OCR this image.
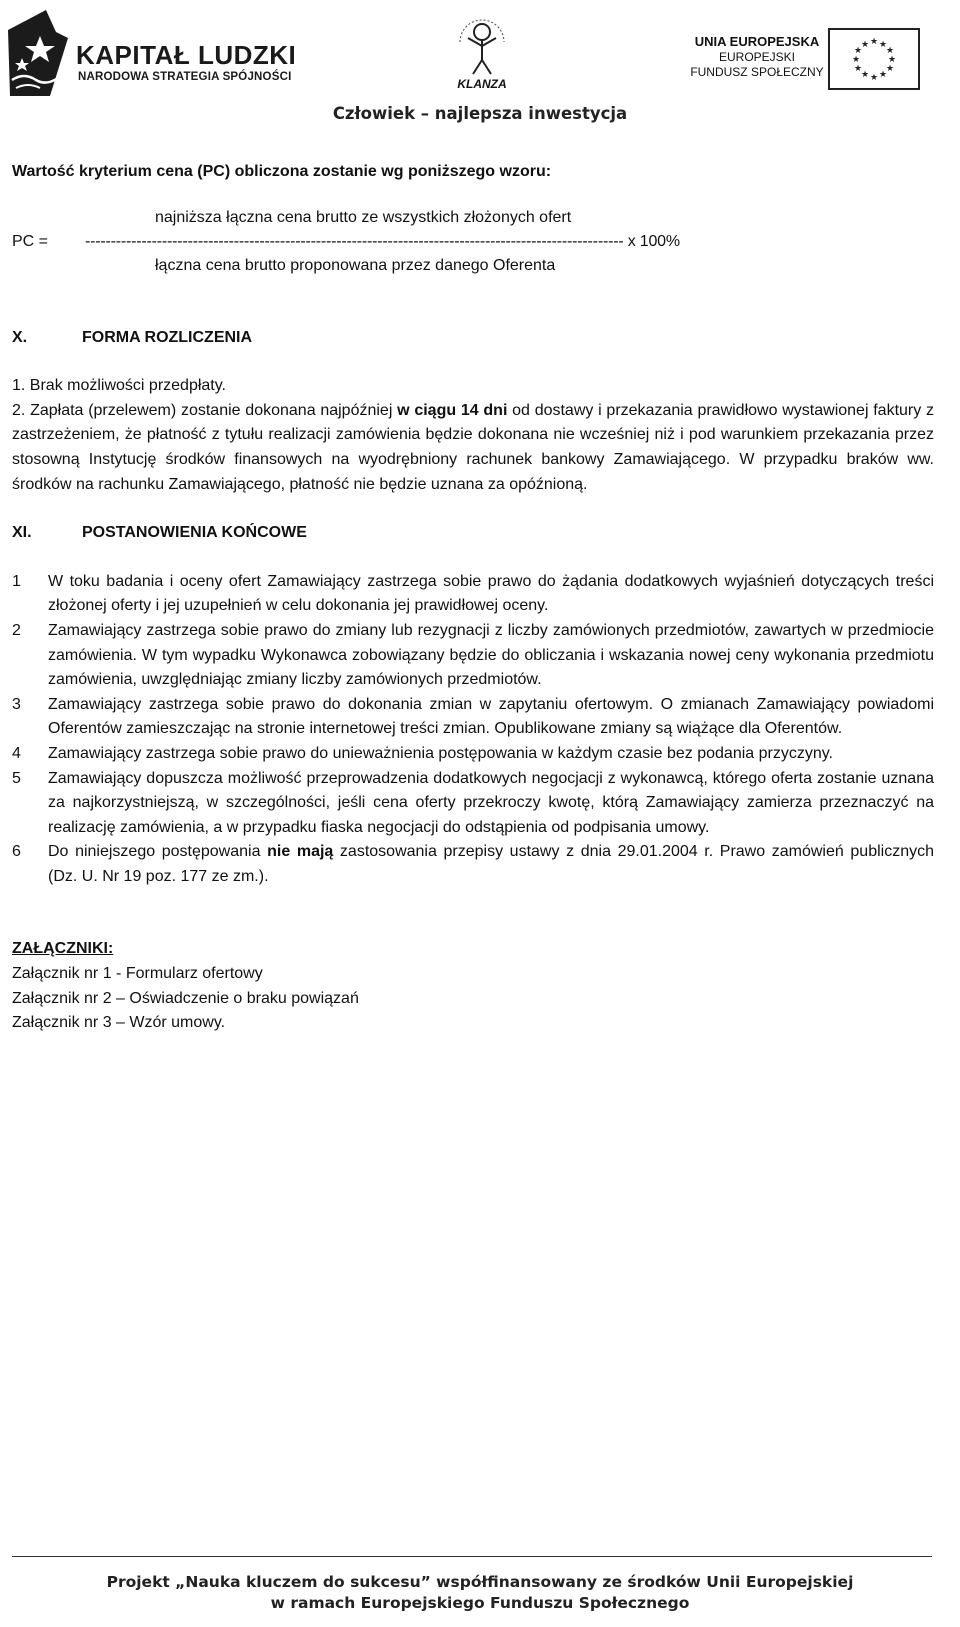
KAPITAŁ LUDZKI
NARODOWA STRATEGIA SPÓJNOŚCI	KLANZA
UNIA EUROPEJSKA
EUROPEJSKI
FUNDUSZ SPOŁECZNY
★ ★
★
★
★
★
★
★
★
★
★
★
Człowiek – najlepsza inwestycja

Wartość kryterium cena (PC) obliczona zostanie wg poniższego wzoru:

najniższa łączna cena brutto ze wszystkich złożonych ofert
PC = --------------------------------------------------------------------------------------------------------- x 100%
łączna cena brutto proponowana przez danego Oferenta
X.	FORMA ROZLICZENIA

1. Brak możliwości przedpłaty.

2. Zapłata (przelewem) zostanie dokonana najpóźniej w ciągu 14 dni od dostawy i przekazania prawidłowo wystawionej faktury z zastrzeżeniem, że płatność z tytułu realizacji zamówienia będzie dokonana nie wcześniej niż i pod warunkiem przekazania przez stosowną Instytucję środków finansowych na wyodrębniony rachunek bankowy Zamawiającego. W przypadku braków ww. środków na rachunku Zamawiającego, płatność nie będzie uznana za opóźnioną.

XI.	POSTANOWIENIA KOŃCOWE
1	W toku badania i oceny ofert Zamawiający zastrzega sobie prawo do żądania dodatkowych wyjaśnień dotyczących treści złożonej oferty i jej uzupełnień w celu dokonania jej prawidłowej oceny.
2	Zamawiający zastrzega sobie prawo do zmiany lub rezygnacji z liczby zamówionych przedmiotów, zawartych w przedmiocie zamówienia. W tym wypadku Wykonawca zobowiązany będzie do obliczania i wskazania nowej ceny wykonania przedmiotu zamówienia, uwzględniając zmiany liczby zamówionych przedmiotów.
3	Zamawiający zastrzega sobie prawo do dokonania zmian w zapytaniu ofertowym. O zmianach Zamawiający powiadomi Oferentów zamieszczając na stronie internetowej treści zmian. Opublikowane zmiany są wiążące dla Oferentów.
4	Zamawiający zastrzega sobie prawo do unieważnienia postępowania w każdym czasie bez podania przyczyny.
5	Zamawiający dopuszcza możliwość przeprowadzenia dodatkowych negocjacji z wykonawcą, którego oferta zostanie uznana za najkorzystniejszą, w szczególności, jeśli cena oferty przekroczy kwotę, którą Zamawiający zamierza przeznaczyć na realizację zamówienia, a w przypadku fiaska negocjacji do odstąpienia od podpisania umowy.
6	Do niniejszego postępowania nie mają zastosowania przepisy ustawy z dnia 29.01.2004 r. Prawo zamówień publicznych (Dz. U. Nr 19 poz. 177 ze zm.).
ZAŁĄCZNIKI:
Załącznik nr 1 - Formularz ofertowy
Załącznik nr 2 – Oświadczenie o braku powiązań
Załącznik nr 3 – Wzór umowy.
Projekt „Nauka kluczem do sukcesu” współfinansowany ze środków Unii Europejskiej
w ramach Europejskiego Funduszu Społecznego
